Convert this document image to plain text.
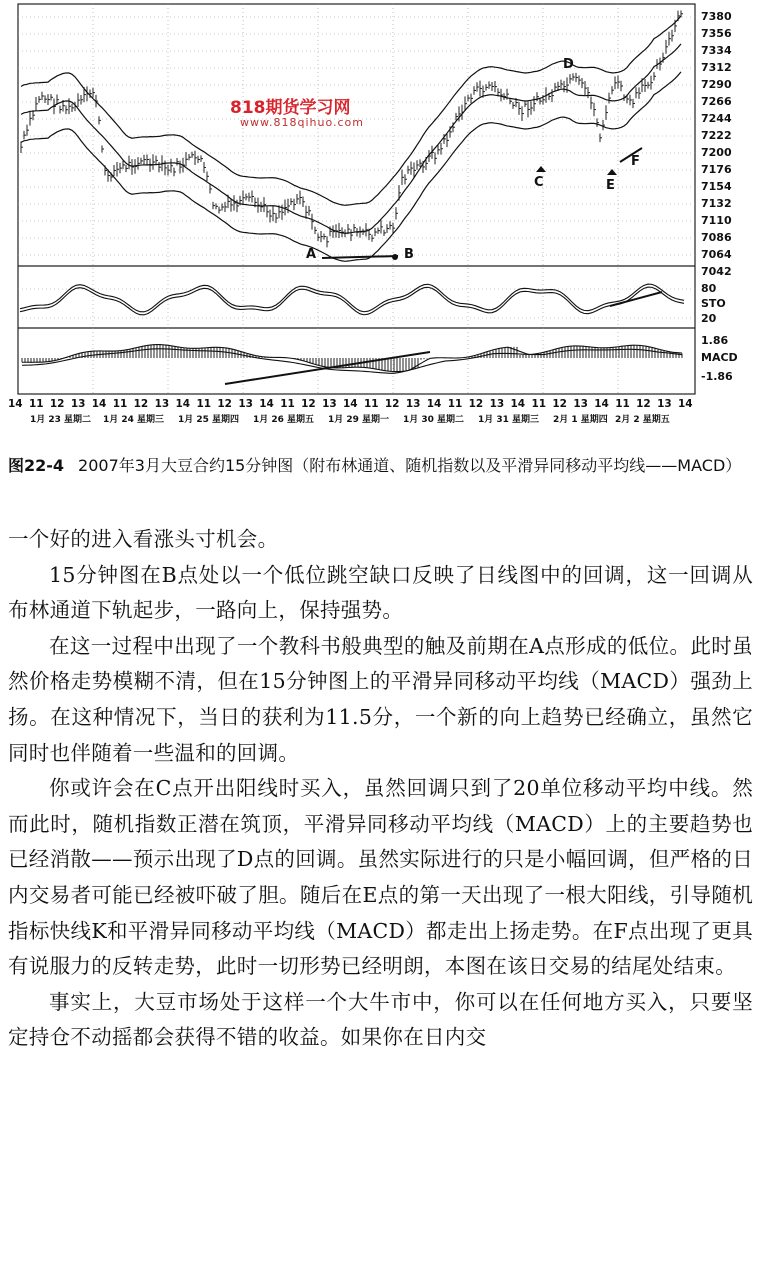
7380
7356
7334
7312
7290
7266
7244
7222
7200
7176
7154
7132
7110
7086
7064
7042
80
STO
20
1.86
MACD
-1.86
14 11 12 13 14 11 12 13 14 11 12 13 14 11 12 13 14 11 12 13 14 11 12 13 14 11 12 13 14 11 12 13 14
1月 23 星期二 1月 24 星期三 1月 25 星期四 1月 26 星期五 1月 29 星期一 1月 30 星期二 1月 31 星期三 2月 1 星期四 2月 2 星期五
A	B
C
D
E
F
818期货学习网
www.818qihuo.com
图22-4 2007年3月大豆合约15分钟图（附布林通道、随机指数以及平滑异同移动平均线——MACD）

一个好的进入看涨头寸机会。

15分钟图在B点处以一个低位跳空缺口反映了日线图中的回调，这一回调从布林通道下轨起步，一路向上，保持强势。

在这一过程中出现了一个教科书般典型的触及前期在A点形成的低位。此时虽然价格走势模糊不清，但在15分钟图上的平滑异同移动平均线（MACD）强劲上扬。在这种情况下，当日的获利为11.5分，一个新的向上趋势已经确立，虽然它同时也伴随着一些温和的回调。

你或许会在C点开出阳线时买入，虽然回调只到了20单位移动平均中线。然而此时，随机指数正潜在筑顶，平滑异同移动平均线（MACD）上的主要趋势也已经消散——预示出现了D点的回调。虽然实际进行的只是小幅回调，但严格的日内交易者可能已经被吓破了胆。随后在E点的第一天出现了一根大阳线，引导随机指标快线K和平滑异同移动平均线（MACD）都走出上扬走势。在F点出现了更具有说服力的反转走势，此时一切形势已经明朗，本图在该日交易的结尾处结束。

事实上，大豆市场处于这样一个大牛市中，你可以在任何地方买入，只要坚定持仓不动摇都会获得不错的收益。如果你在日内交
